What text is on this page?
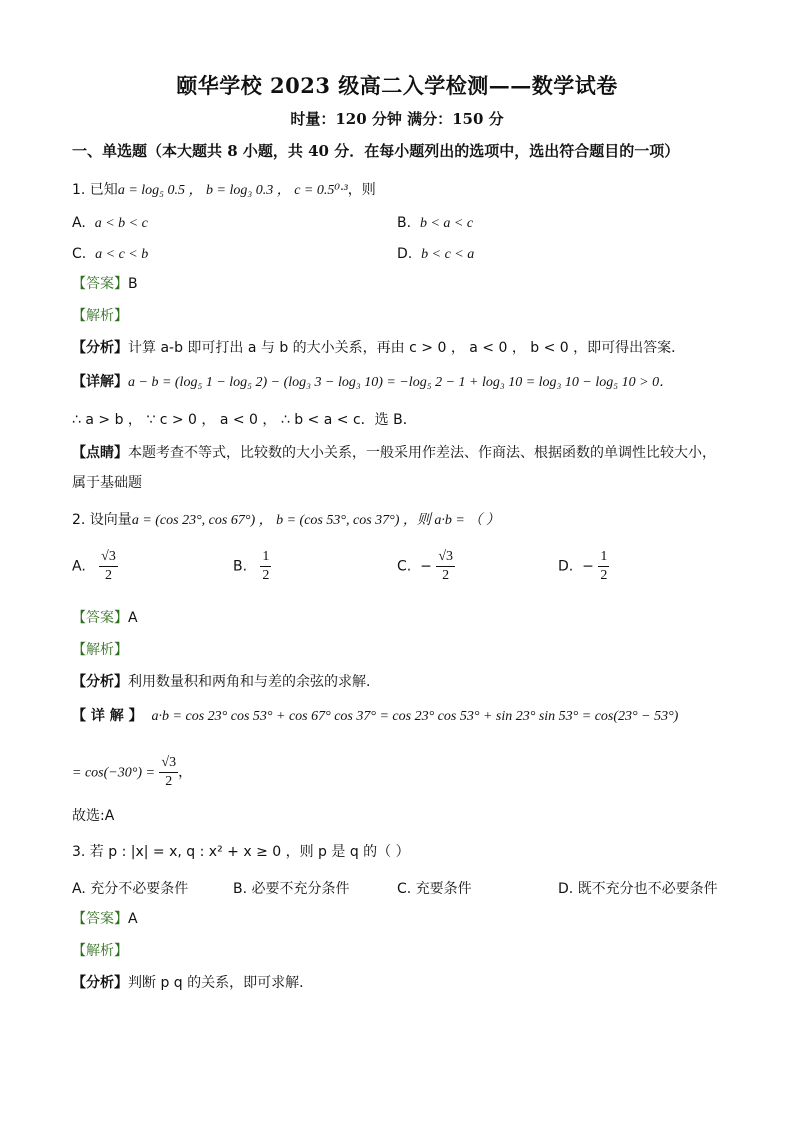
颐华学校 2023 级高二入学检测——数学试卷
时量：120 分钟 满分：150 分
一、单选题（本大题共 8 小题，共 40 分．在每小题列出的选项中，选出符合题目的一项）
1. 已知a = log₅ 0.5 ， b = log₃ 0.3 ， c = 0.5⁰·³，则
A. a < b < c	B. b < a < c
C. a < c < b	D. b < c < a
【答案】B
【解析】
【分析】计算 a-b 即可打出 a 与 b 的大小关系，再由 c > 0 ， a < 0 ， b < 0 ，即可得出答案．
【详解】a − b = (log₅ 1 − log₅ 2) − (log₃ 3 − log₃ 10) = −log₅ 2 − 1 + log₃ 10 = log₃ 10 − log₅ 10 > 0．
∴ a > b ， ∵ c > 0 ， a < 0 ， ∴ b < a < c．选 B．
【点睛】本题考查不等式，比较数的大小关系，一般采用作差法、作商法、根据函数的单调性比较大小，
属于基础题
2. 设向量a = (cos 23°, cos 67°) ， b = (cos 53°, cos 37°) ，则 a·b = （ ）
A. $\frac{√3}{2}$	B. $\frac{1}{2}$	C. − $\frac{√3}{2}$	D. − $\frac{1}{2}$
【答案】A
【解析】
【分析】利用数量积和两角和与差的余弦的求解.
【 详 解 】 a·b = cos 23° cos 53° + cos 67° cos 37° = cos 23° cos 53° + sin 23° sin 53° = cos(23° − 53°)
= $\cos(-30^\circ) = \frac{√3}{2}$ ，
故选:A
3. 若 p : |x| = x, q : x² + x ≥ 0 ，则 p 是 q 的（ ）
A. 充分不必要条件	B. 必要不充分条件	C. 充要条件	D. 既不充分也不必要条件
【答案】A
【解析】
【分析】判断 p q 的关系，即可求解.
